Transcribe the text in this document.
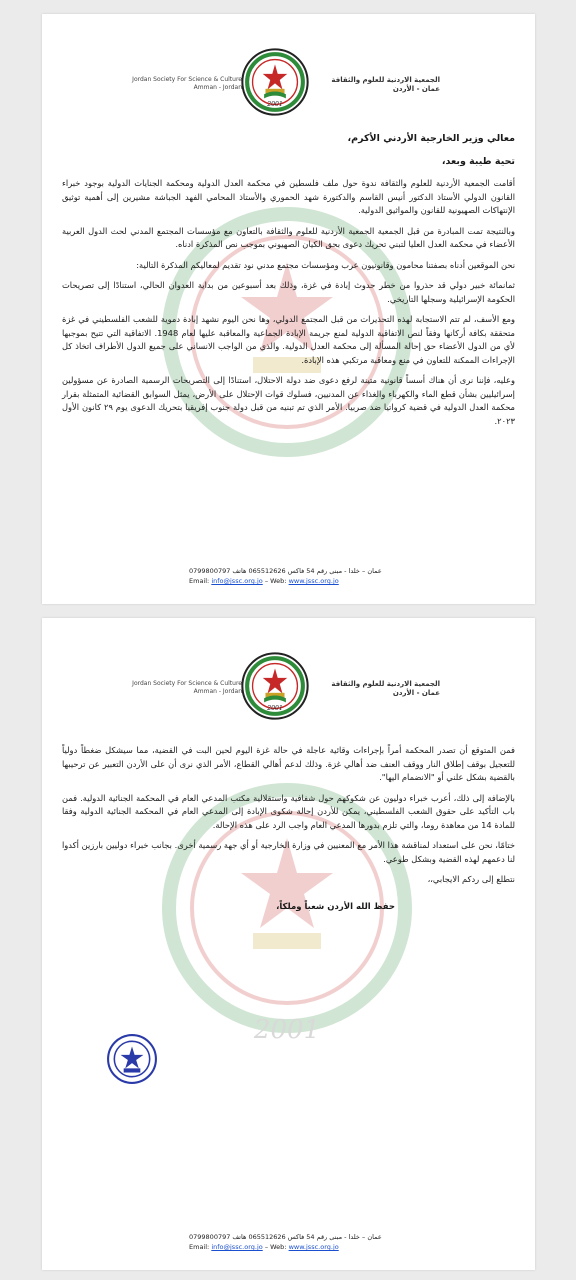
Jordan Society For Science & Culture
Amman - Jordan
2001
الجمعية الاردنية للعلوم والثقافة
عمان - الأردن

معالي وزير الخارجية الأردني الأكرم،

تحية طيبة وبعد،

أقامت الجمعية الأردنية للعلوم والثقافة ندوة حول ملف فلسطين في محكمة العدل الدولية ومحكمة الجنايات الدولية بوجود خبراء القانون الدولي الأستاذ الدكتور أنيس القاسم والدكتورة شهد الحموري والأستاذ المحامي الفهد الجباشة مشيرين إلى أهمية توثيق الإنتهاكات الصهيونية للقانون والمواثيق الدولية.

وبالنتيجة تمت المبادرة من قبل الجمعية الجمعية الأردنية للعلوم والثقافة بالتعاون مع مؤسسات المجتمع المدني لحث الدول العربية الأعضاء في محكمة العدل العليا لتبني تحريك دعوى بحق الكيان الصهيوني بموجب نص المذكرة ادناه.

نحن الموقعين أدناه بصفتنا محامون وقانونيون عرب ومؤسسات مجتمع مدني نود تقديم لمعاليكم المذكرة التالية:

ثمانمائة خبير دولي قد حذروا من خطر حدوث إبادة في غزة، وذلك بعد أسبوعين من بداية العدوان الحالي، استنادًا إلى تصريحات الحكومة الإسرائيلية وسجلها التاريخي.

ومع الأسف، لم تتم الاستجابة لهذه التحذيرات من قبل المجتمع الدولي، وها نحن اليوم نشهد إبادة دموية للشعب الفلسطيني في غزة متحققة بكافة أركانها وفقاً لنص الاتفاقية الدولية لمنع جريمة الإبادة الجماعية والمعاقبة عليها لعام 1948. الاتفاقية التي تتيح بموجبها لأي من الدول الأعضاء حق إحالة المسألة إلى محكمة العدل الدولية. والذي من الواجب الانساني على جميع الدول الأطراف اتخاذ كل الإجراءات الممكنة للتعاون في منع ومعاقبة مرتكبي هذه الإبادة.

وعليه، فإننا نرى أن هناك أسساً قانونية متينة لرفع دعوى ضد دولة الاحتلال، استنادًا إلى التصريحات الرسمية الصادرة عن مسؤولين إسرائيليين بشأن قطع الماء والكهرباء والغذاء عن المدنيين، فسلوك قوات الإحتلال على الأرض، يمثل السوابق القضائية المتمثلة بقرار محكمة العدل الدولية في قضية كرواتيا ضد صربيا. الأمر الذي تم تبنيه من قبل دولة جنوب إفريقيا بتحريك الدعوى يوم ٢٩ كانون الأول ٢٠٢٣.

عمان – خلدا - مبنى رقم 54 فاكس 065512626 هاتف 0799800797
Email: info@jssc.org.jo – Web: www.jssc.org.jo
Jordan Society For Science & Culture
Amman - Jordan
2001
الجمعية الاردنية للعلوم والثقافة
عمان - الأردن
2001

فمن المتوقع أن تصدر المحكمة أمراً بإجراءات وقائية عاجلة في حالة غزة اليوم لحين البت في القضية، مما سيشكل ضغطاً دولياً للتعجيل بوقف إطلاق النار ووقف العنف ضد أهالي غزة. وذلك لدعم أهالي القطاع، الأمر الذي نرى أن على الأردن التعبير عن ترحيبها بالقضية بشكل علني أو "الانضمام اليها".

بالإضافة إلى ذلك، أعرب خبراء دوليون عن شكوكهم حول شفافية واستقلالية مكتب المدعي العام في المحكمة الجنائية الدولية. فمن باب التأكيد على حقوق الشعب الفلسطيني، يمكن للأردن إحالة شكوى الإبادة إلى المدعي العام في المحكمة الجنائية الدولية وفقا للمادة 14 من معاهدة روما، والتي تلزم بدورها المدعي العام واجب الرد على هذه الإحالة.

ختامًا، نحن على استعداد لمناقشة هذا الأمر مع المعنيين في وزارة الخارجية أو أي جهة رسمية أخرى. بجانب خبراء دوليين بارزين أكدوا لنا دعمهم لهذه القضية وبشكل طوعي.

نتطلع إلى ردكم الايجابي،،

حفظ الله الأردن شعباً وملكاً،

عمان – خلدا - مبنى رقم 54 فاكس 065512626 هاتف 0799800797
Email: info@jssc.org.jo – Web: www.jssc.org.jo
